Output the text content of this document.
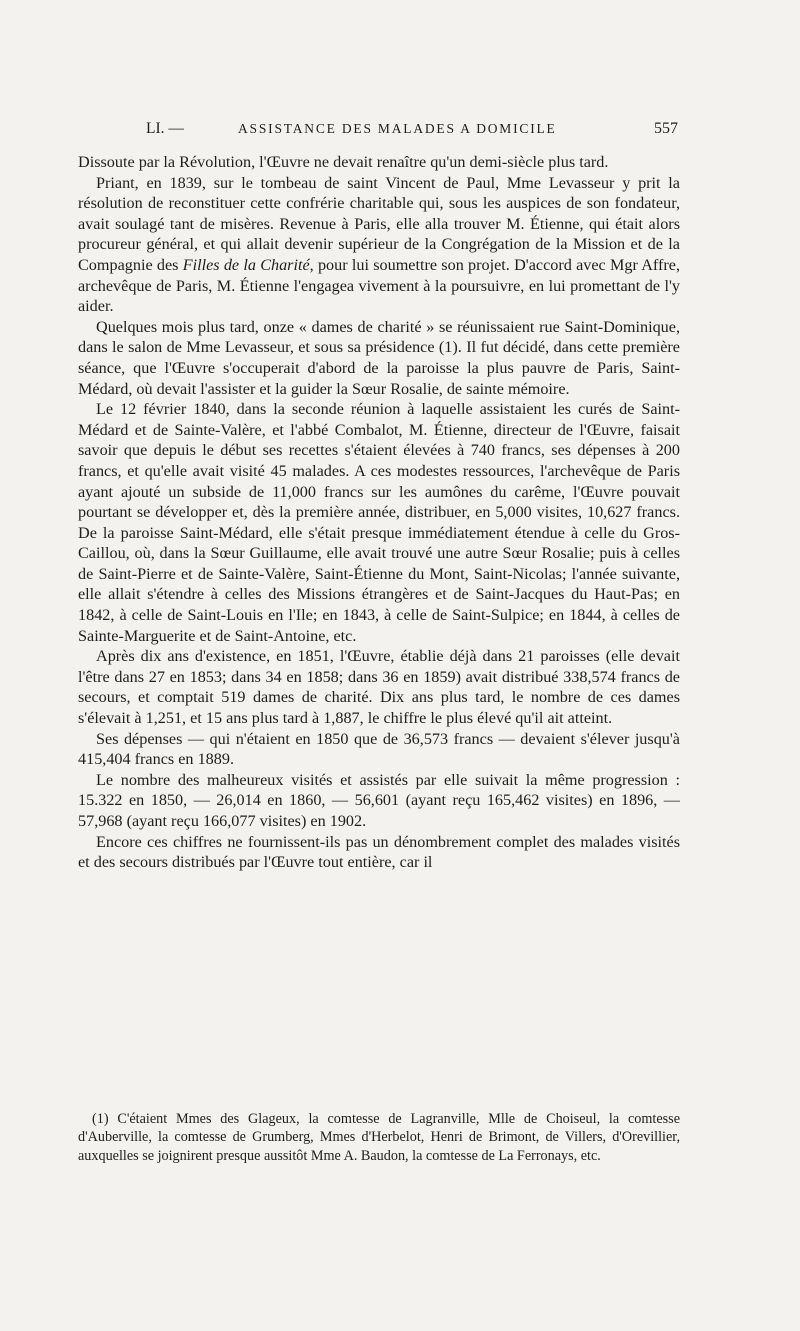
LI. —	ASSISTANCE DES MALADES A DOMICILE	557

Dissoute par la Révolution, l'Œuvre ne devait renaître qu'un demi-siècle plus tard.

Priant, en 1839, sur le tombeau de saint Vincent de Paul, Mme Levasseur y prit la résolution de reconstituer cette confrérie charitable qui, sous les auspices de son fondateur, avait soulagé tant de misères. Revenue à Paris, elle alla trouver M. Étienne, qui était alors procureur général, et qui allait devenir supérieur de la Congrégation de la Mission et de la Compagnie des Filles de la Charité, pour lui soumettre son projet. D'accord avec Mgr Affre, archevêque de Paris, M. Étienne l'engagea vivement à la poursuivre, en lui promettant de l'y aider.

Quelques mois plus tard, onze « dames de charité » se réunissaient rue Saint-Dominique, dans le salon de Mme Levasseur, et sous sa présidence (1). Il fut décidé, dans cette première séance, que l'Œuvre s'occuperait d'abord de la paroisse la plus pauvre de Paris, Saint-Médard, où devait l'assister et la guider la Sœur Rosalie, de sainte mémoire.

Le 12 février 1840, dans la seconde réunion à laquelle assistaient les curés de Saint-Médard et de Sainte-Valère, et l'abbé Combalot, M. Étienne, directeur de l'Œuvre, faisait savoir que depuis le début ses recettes s'étaient élevées à 740 francs, ses dépenses à 200 francs, et qu'elle avait visité 45 malades. A ces modestes ressources, l'archevêque de Paris ayant ajouté un subside de 11,000 francs sur les aumônes du carême, l'Œuvre pouvait pourtant se développer et, dès la première année, distribuer, en 5,000 visites, 10,627 francs. De la paroisse Saint-Médard, elle s'était presque immédiatement étendue à celle du Gros-Caillou, où, dans la Sœur Guillaume, elle avait trouvé une autre Sœur Rosalie; puis à celles de Saint-Pierre et de Sainte-Valère, Saint-Étienne du Mont, Saint-Nicolas; l'année suivante, elle allait s'étendre à celles des Missions étrangères et de Saint-Jacques du Haut-Pas; en 1842, à celle de Saint-Louis en l'Ile; en 1843, à celle de Saint-Sulpice; en 1844, à celles de Sainte-Marguerite et de Saint-Antoine, etc.

Après dix ans d'existence, en 1851, l'Œuvre, établie déjà dans 21 paroisses (elle devait l'être dans 27 en 1853; dans 34 en 1858; dans 36 en 1859) avait distribué 338,574 francs de secours, et comptait 519 dames de charité. Dix ans plus tard, le nombre de ces dames s'élevait à 1,251, et 15 ans plus tard à 1,887, le chiffre le plus élevé qu'il ait atteint.

Ses dépenses — qui n'étaient en 1850 que de 36,573 francs — devaient s'élever jusqu'à 415,404 francs en 1889.

Le nombre des malheureux visités et assistés par elle suivait la même progression : 15.322 en 1850, — 26,014 en 1860, — 56,601 (ayant reçu 165,462 visites) en 1896, — 57,968 (ayant reçu 166,077 visites) en 1902.

Encore ces chiffres ne fournissent-ils pas un dénombrement complet des malades visités et des secours distribués par l'Œuvre tout entière, car il

(1) C'étaient Mmes des Glageux, la comtesse de Lagranville, Mlle de Choiseul, la comtesse d'Auberville, la comtesse de Grumberg, Mmes d'Herbelot, Henri de Brimont, de Villers, d'Orevillier, auxquelles se joignirent presque aussitôt Mme A. Baudon, la comtesse de La Ferronays, etc.
